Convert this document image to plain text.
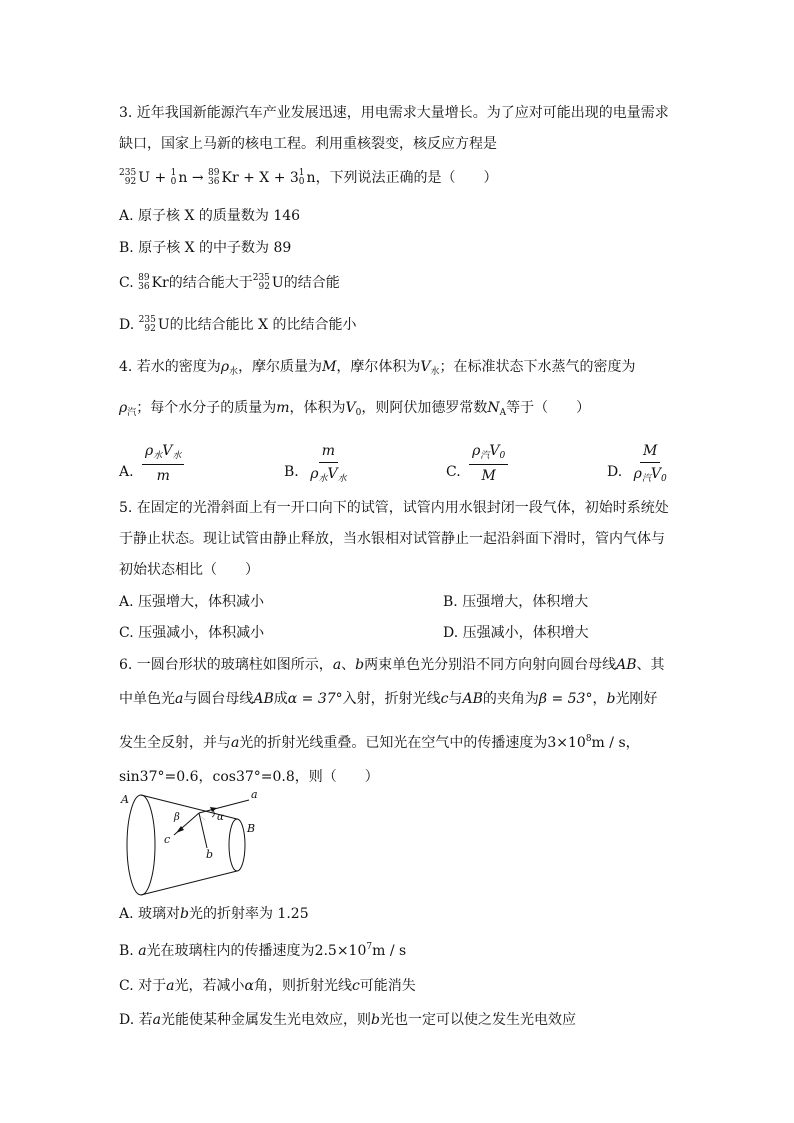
3. 近年我国新能源汽车产业发展迅速，用电需求大量增长。为了应对可能出现的电量需求
缺口，国家上马新的核电工程。利用重核裂变，核反应方程是
235
92 U + 1
0 n → 89
36 Kr + X + 3 1
0 n，下列说法正确的是（　　）
A. 原子核 X 的质量数为 146
B. 原子核 X 的中子数为 89
C. 89
36 Kr的结合能大于 235
92 U的结合能
D. 235
92 U的比结合能比 X 的比结合能小
4. 若水的密度为$\rho_水$，摩尔质量为M，摩尔体积为$V_水$；在标准状态下水蒸气的密度为
$\rho_汽$；每个水分子的质量为m，体积为$V_0$，则阿伏加德罗常数$N_A$等于（　　）
A. $\frac{\rho_水V_水}{m}$	B. $\frac{m}{\rho_水V_水}$	C. $\frac{\rho_汽V_0}{M}$	D. $\frac{M}{\rho_汽V_0}$
5. 在固定的光滑斜面上有一开口向下的试管，试管内用水银封闭一段气体，初始时系统处
于静止状态。现让试管由静止释放，当水银相对试管静止一起沿斜面下滑时，管内气体与
初始状态相比（　　）
A. 压强增大，体积减小	B. 压强增大，体积增大
C. 压强减小，体积减小	D. 压强减小，体积增大
6. 一圆台形状的玻璃柱如图所示，a、b两束单色光分别沿不同方向射向圆台母线AB、其
中单色光a与圆台母线AB成α = 37°入射，折射光线c与AB的夹角为β = 53°，b光刚好
发生全反射，并与a光的折射光线重叠。已知光在空气中的传播速度为$3\times 10^8m / s$，
sin37°=0.6，cos37°=0.8，则（　　）
A
B
a
α
β
c
b
A. 玻璃对b光的折射率为 1.25
B. a光在玻璃柱内的传播速度为$2.5\times 10^7m / s$
C. 对于a光，若减小α角，则折射光线c可能消失
D. 若a光能使某种金属发生光电效应，则b光也一定可以使之发生光电效应
